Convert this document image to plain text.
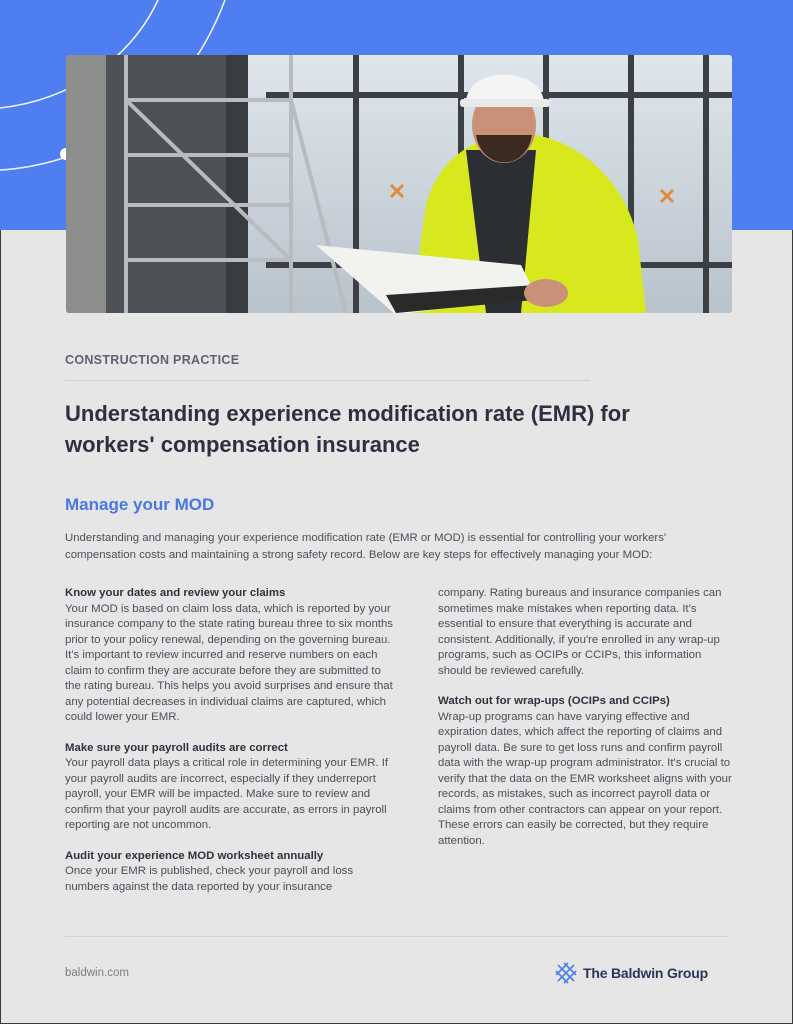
CONSTRUCTION PRACTICE
Understanding experience modification rate (EMR) for workers' compensation insurance
Manage your MOD

Understanding and managing your experience modification rate (EMR or MOD) is essential for controlling your workers' compensation costs and maintaining a strong safety record. Below are key steps for effectively managing your MOD:

Know your dates and review your claims

Your MOD is based on claim loss data, which is reported by your insurance company to the state rating bureau three to six months prior to your policy renewal, depending on the governing bureau. It's important to review incurred and reserve numbers on each claim to confirm they are accurate before they are submitted to the rating bureau. This helps you avoid surprises and ensure that any potential decreases in individual claims are captured, which could lower your EMR.

Make sure your payroll audits are correct

Your payroll data plays a critical role in determining your EMR. If your payroll audits are incorrect, especially if they underreport payroll, your EMR will be impacted. Make sure to review and confirm that your payroll audits are accurate, as errors in payroll reporting are not uncommon.

Audit your experience MOD worksheet annually

Once your EMR is published, check your payroll and loss numbers against the data reported by your insurance

company. Rating bureaus and insurance companies can sometimes make mistakes when reporting data. It's essential to ensure that everything is accurate and consistent. Additionally, if you're enrolled in any wrap-up programs, such as OCIPs or CCIPs, this information should be reviewed carefully.

Watch out for wrap-ups (OCIPs and CCIPs)

Wrap-up programs can have varying effective and expiration dates, which affect the reporting of claims and payroll data. Be sure to get loss runs and confirm payroll data with the wrap-up program administrator. It's crucial to verify that the data on the EMR worksheet aligns with your records, as mistakes, such as incorrect payroll data or claims from other contractors can appear on your report. These errors can easily be corrected, but they require attention.

baldwin.com	The Baldwin Group
